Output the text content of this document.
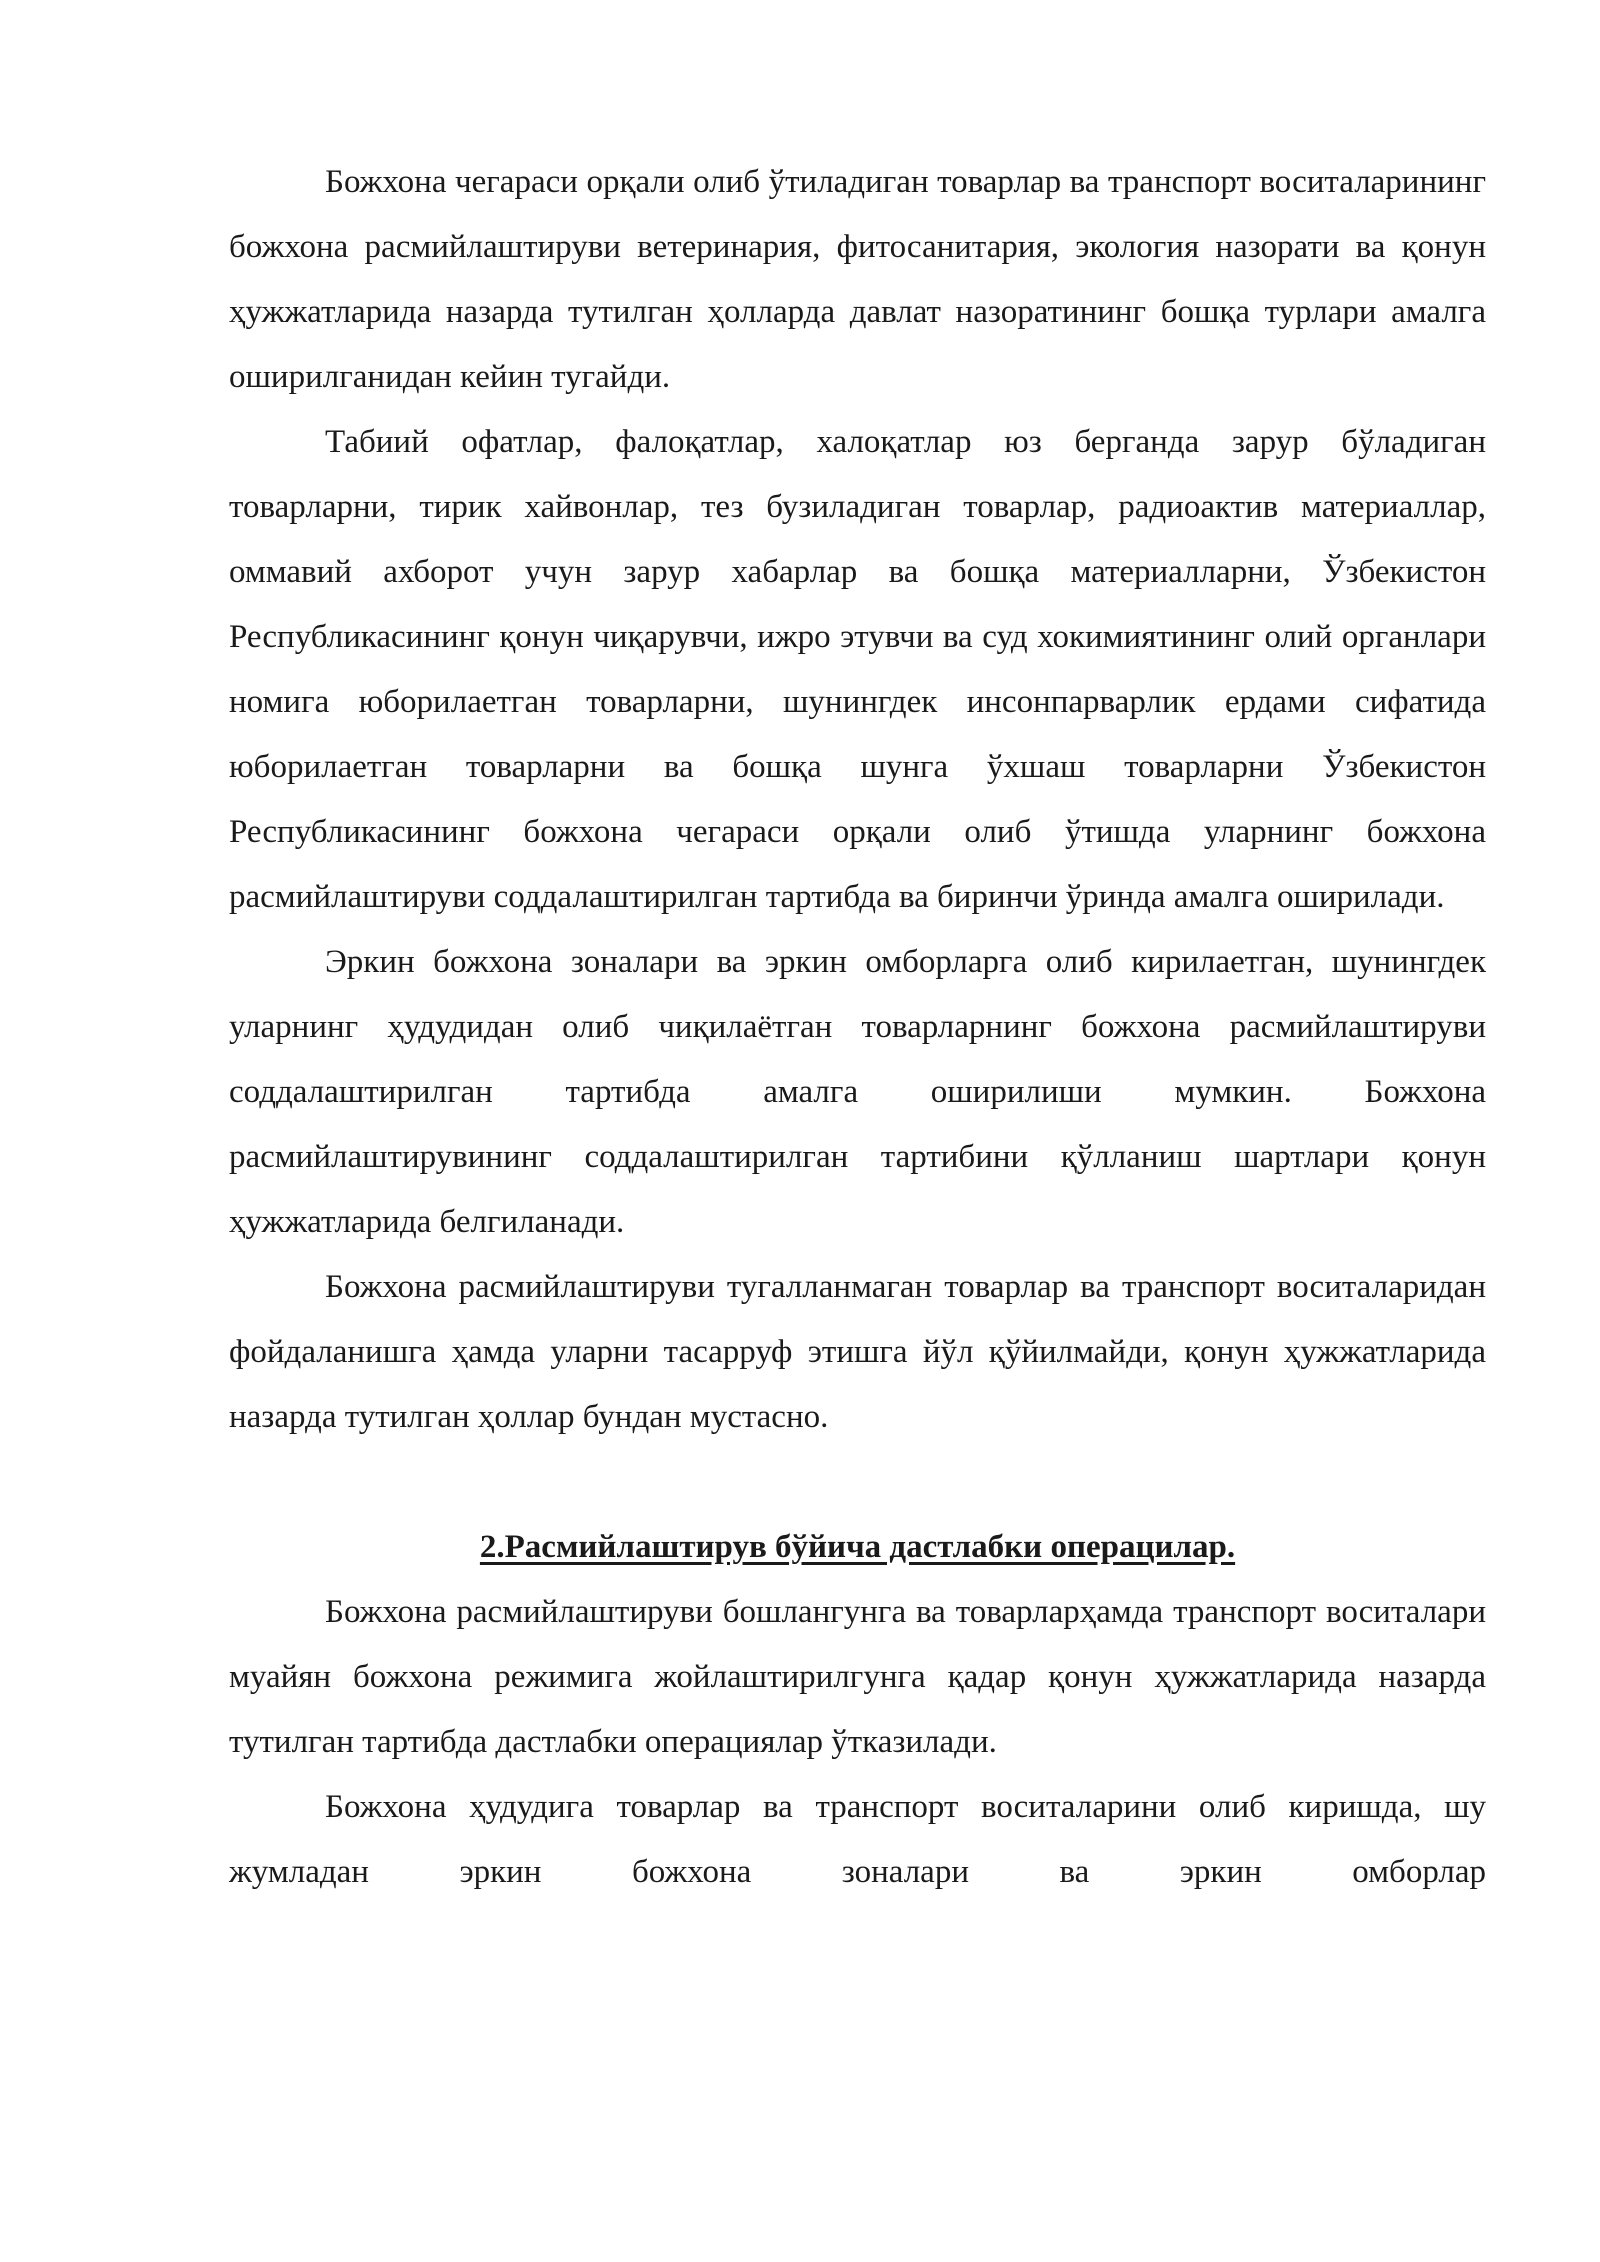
Божхона чегараси орқали олиб ўтиладиган товарлар ва транспорт воситаларининг божхона расмийлаштируви ветеринария, фитосанитария, экология назорати ва қонун ҳужжатларида назарда тутилган ҳолларда давлат назоратининг бошқа турлари амалга оширилганидан кейин тугайди.

Табиий офатлар, фалоқатлар, халоқатлар юз берганда зарур бўладиган товарларни, тирик хайвонлар, тез бузиладиган товарлар, радиоактив материаллар, оммавий ахборот учун зарур хабарлар ва бошқа материалларни, Ўзбекистон Республикасининг қонун чиқарувчи, ижро этувчи ва суд хокимиятининг олий органлари номига юборилаетган товарларни, шунингдек инсонпарварлик ердами сифатида юборилаетган товарларни ва бошқа шунга ўхшаш товарларни Ўзбекистон Республикасининг божхона чегараси орқали олиб ўтишда уларнинг божхона расмийлаштируви соддалаштирилган тартибда ва биринчи ўринда амалга оширилади.

Эркин божхона зоналари ва эркин омборларга олиб кирилаетган, шунингдек уларнинг ҳудудидан олиб чиқилаётган товарларнинг божхона расмийлаштируви соддалаштирилган тартибда амалга оширилиши мумкин. Божхона расмийлаштирувининг соддалаштирилган тартибини қўлланиш шартлари қонун ҳужжатларида белгиланади.

Божхона расмийлаштируви тугалланмаган товарлар ва транспорт воситаларидан фойдаланишга ҳамда уларни тасарруф этишга йўл қўйилмайди, қонун ҳужжатларида назарда тутилган ҳоллар бундан мустасно.

2.Расмийлаштирув бўйича дастлабки операцилар.

Божхона расмийлаштируви бошлангунга ва товарларҳамда транспорт воситалари муайян божхона режимига жойлаштирилгунга қадар қонун ҳужжатларида назарда тутилган тартибда дастлабки операциялар ўтказилади.

Божхона ҳудудига товарлар ва транспорт воситаларини олиб киришда, шу жумладан эркин божхона зоналари ва эркин омборлар
